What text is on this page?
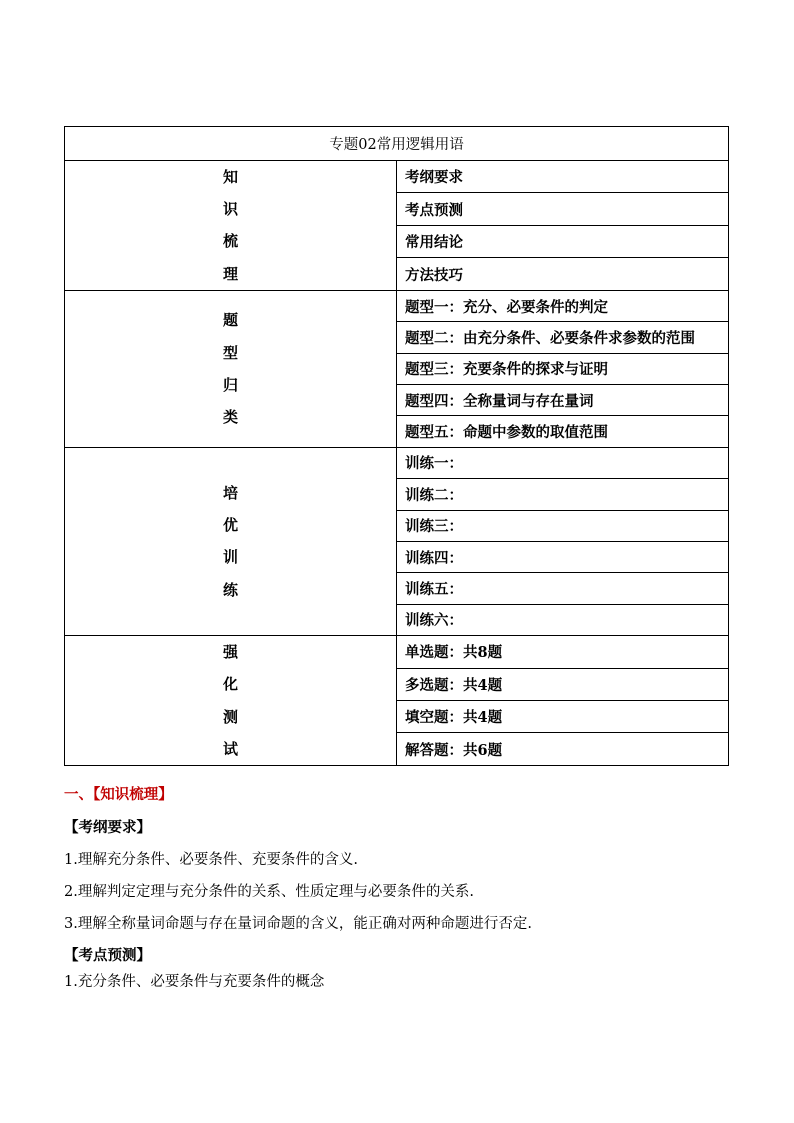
专题02常用逻辑用语	

知
识
梳
理	考纲要求
	考点预测
	常用结论
	方法技巧

题
型
归
类	题型一：充分、必要条件的判定
	题型二：由充分条件、必要条件求参数的范围
	题型三：充要条件的探求与证明
	题型四：全称量词与存在量词
	题型五：命题中参数的取值范围

培
优
训
练	训练一：
	训练二：
	训练三：
	训练四：
	训练五：
	训练六：

强
化
测
试	单选题：共8题
	多选题：共4题
	填空题：共4题
	解答题：共6题
一、【知识梳理】
【考纲要求】
1.理解充分条件、必要条件、充要条件的含义.
2.理解判定定理与充分条件的关系、性质定理与必要条件的关系.
3.理解全称量词命题与存在量词命题的含义，能正确对两种命题进行否定.
【考点预测】
1.充分条件、必要条件与充要条件的概念
